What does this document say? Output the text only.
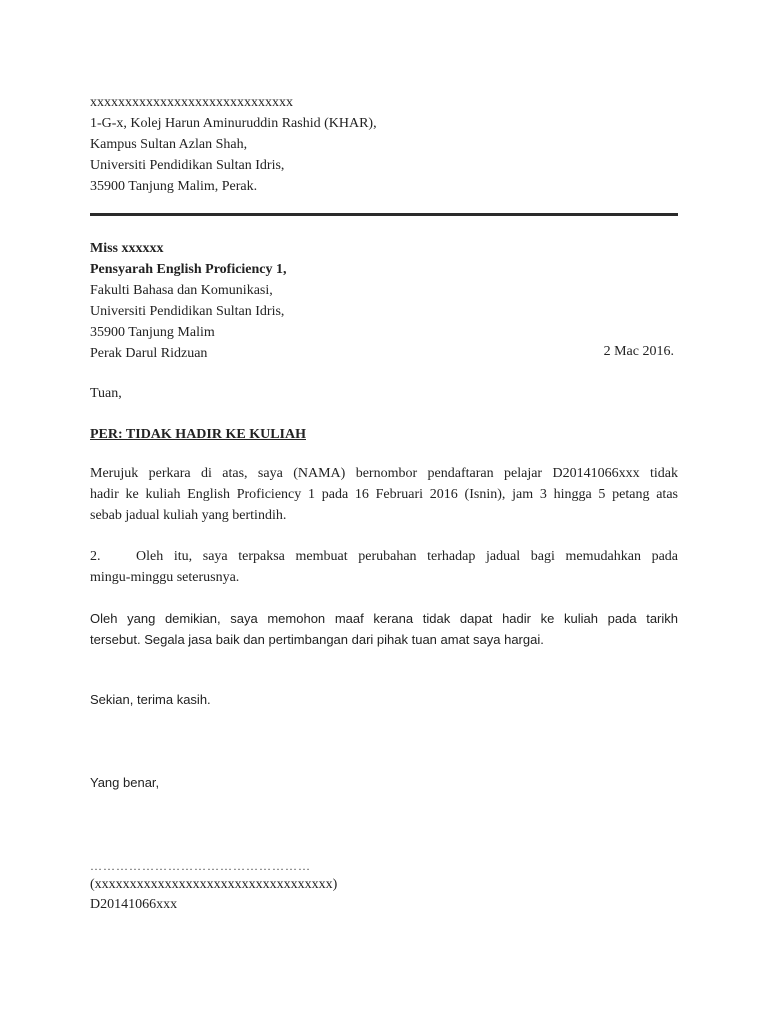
xxxxxxxxxxxxxxxxxxxxxxxxxxxxx
1-G-x, Kolej Harun Aminuruddin Rashid (KHAR),
Kampus Sultan Azlan Shah,
Universiti Pendidikan Sultan Idris,
35900 Tanjung Malim, Perak.
Miss xxxxxx
Pensyarah English Proficiency 1,
Fakulti Bahasa dan Komunikasi,
Universiti Pendidikan Sultan Idris,
35900 Tanjung Malim
Perak Darul Ridzuan	2 Mac 2016.
Tuan,
PER: TIDAK HADIR KE KULIAH
Merujuk perkara di atas, saya (NAMA) bernombor pendaftaran pelajar D20141066xxx tidak
hadir ke kuliah English Proficiency 1 pada 16 Februari 2016 (Isnin), jam 3 hingga 5 petang atas
sebab jadual kuliah yang bertindih.
2.	Oleh itu, saya terpaksa membuat perubahan terhadap jadual bagi memudahkan pada
mingu-minggu seterusnya.
Oleh yang demikian, saya memohon maaf kerana tidak dapat hadir ke kuliah pada tarikh
tersebut. Segala jasa baik dan pertimbangan dari pihak tuan amat saya hargai.
Sekian, terima kasih.
Yang benar,
……………………………………………
(xxxxxxxxxxxxxxxxxxxxxxxxxxxxxxxxxx)
D20141066xxx
